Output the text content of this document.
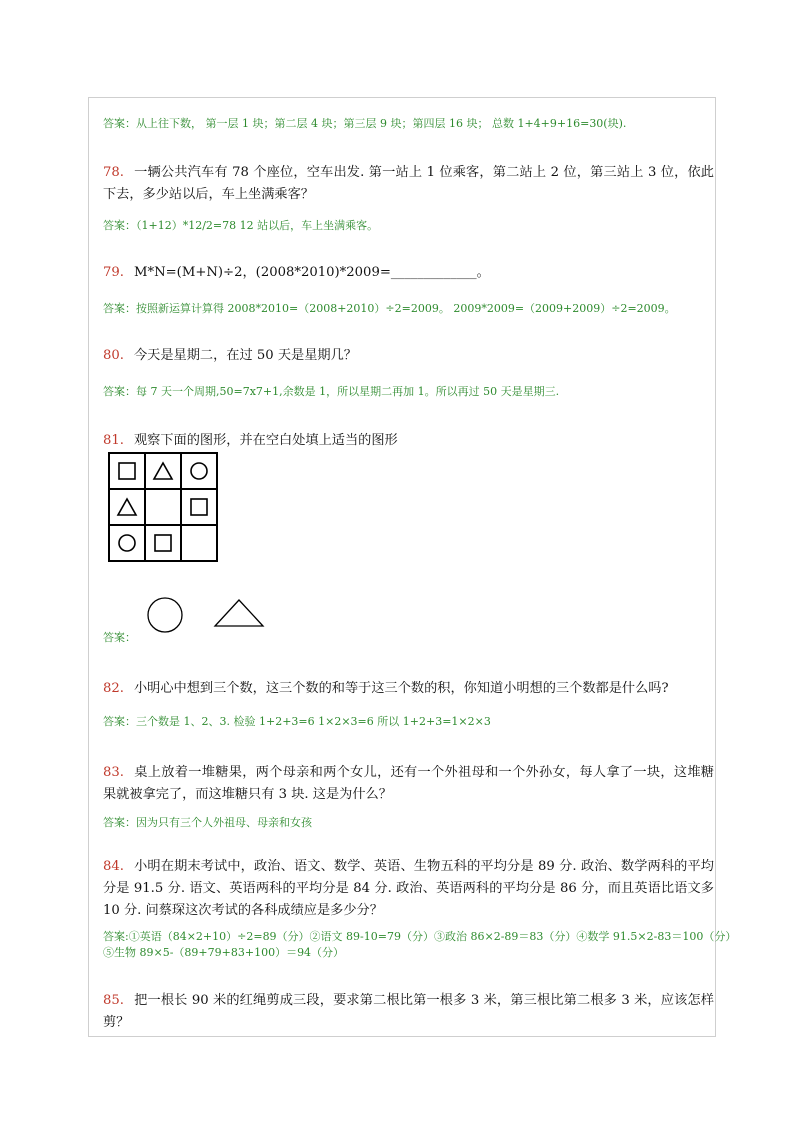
答案：从上往下数， 第一层 1 块；第二层 4 块；第三层 9 块；第四层 16 块； 总数 1+4+9+16=30(块).
78. 一辆公共汽车有 78 个座位，空车出发. 第一站上 1 位乘客，第二站上 2 位，第三站上 3 位，依此下去，多少站以后，车上坐满乘客？
答案：（1+12）*12/2=78 12 站以后，车上坐满乘客。
79. M*N=(M+N)÷2，(2008*2010)*2009=_____________。
答案：按照新运算计算得 2008*2010=（2008+2010）÷2=2009。 2009*2009=（2009+2009）÷2=2009。
80. 今天是星期二，在过 50 天是星期几？
答案：每 7 天一个周期,50=7x7+1,余数是 1，所以星期二再加 1。所以再过 50 天是星期三.
81. 观察下面的图形，并在空白处填上适当的图形
答案：
82. 小明心中想到三个数，这三个数的和等于这三个数的积，你知道小明想的三个数都是什么吗?
答案：三个数是 1、2、3. 检验 1+2+3=6 1×2×3=6 所以 1+2+3=1×2×3
83. 桌上放着一堆糖果，两个母亲和两个女儿，还有一个外祖母和一个外孙女，每人拿了一块，这堆糖果就被拿完了，而这堆糖只有 3 块. 这是为什么？
答案：因为只有三个人外祖母、母亲和女孩
84. 小明在期末考试中，政治、语文、数学、英语、生物五科的平均分是 89 分. 政治、数学两科的平均分是 91.5 分. 语文、英语两科的平均分是 84 分. 政治、英语两科的平均分是 86 分，而且英语比语文多 10 分. 问蔡琛这次考试的各科成绩应是多少分？
答案:①英语（84×2+10）÷2=89（分）②语文 89-10=79（分）③政治 86×2-89＝83（分）④数学 91.5×2-83＝100（分）
⑤生物 89×5-（89+79+83+100）＝94（分）
85. 把一根长 90 米的红绳剪成三段，要求第二根比第一根多 3 米，第三根比第二根多 3 米，应该怎样剪？
